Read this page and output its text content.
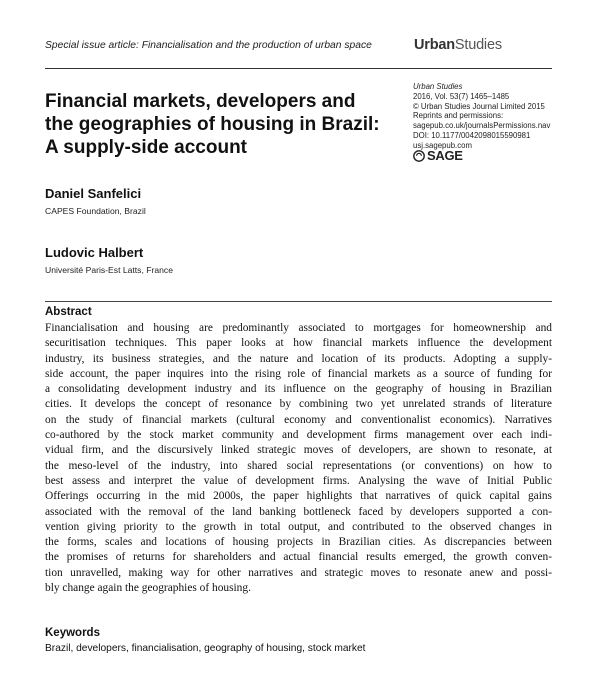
Special issue article: Financialisation and the production of urban space	UrbanStudies
Urban Studies
2016, Vol. 53(7) 1465–1485
© Urban Studies Journal Limited 2015
Reprints and permissions:
sagepub.co.uk/journalsPermissions.nav
DOI: 10.1177/0042098015590981
usj.sagepub.com
SAGE
Financial markets, developers and
the geographies of housing in Brazil:
A supply-side account
Daniel Sanfelici
CAPES Foundation, Brazil
Ludovic Halbert
Université Paris-Est Latts, France
Abstract
Financialisation and housing are predominantly associated to mortgages for homeownership and
securitisation techniques. This paper looks at how financial markets influence the development
industry, its business strategies, and the nature and location of its products. Adopting a supply-
side account, the paper inquires into the rising role of financial markets as a source of funding for
a consolidating development industry and its influence on the geography of housing in Brazilian
cities. It develops the concept of resonance by combining two yet unrelated strands of literature
on the study of financial markets (cultural economy and conventionalist economics). Narratives
co-authored by the stock market community and development firms management over each indi-
vidual firm, and the discursively linked strategic moves of developers, are shown to resonate, at
the meso-level of the industry, into shared social representations (or conventions) on how to
best assess and interpret the value of development firms. Analysing the wave of Initial Public
Offerings occurring in the mid 2000s, the paper highlights that narratives of quick capital gains
associated with the removal of the land banking bottleneck faced by developers supported a con-
vention giving priority to the growth in total output, and contributed to the observed changes in
the forms, scales and locations of housing projects in Brazilian cities. As discrepancies between
the promises of returns for shareholders and actual financial results emerged, the growth conven-
tion unravelled, making way for other narratives and strategic moves to resonate anew and possi-
bly change again the geographies of housing.
Keywords
Brazil, developers, financialisation, geography of housing, stock market
